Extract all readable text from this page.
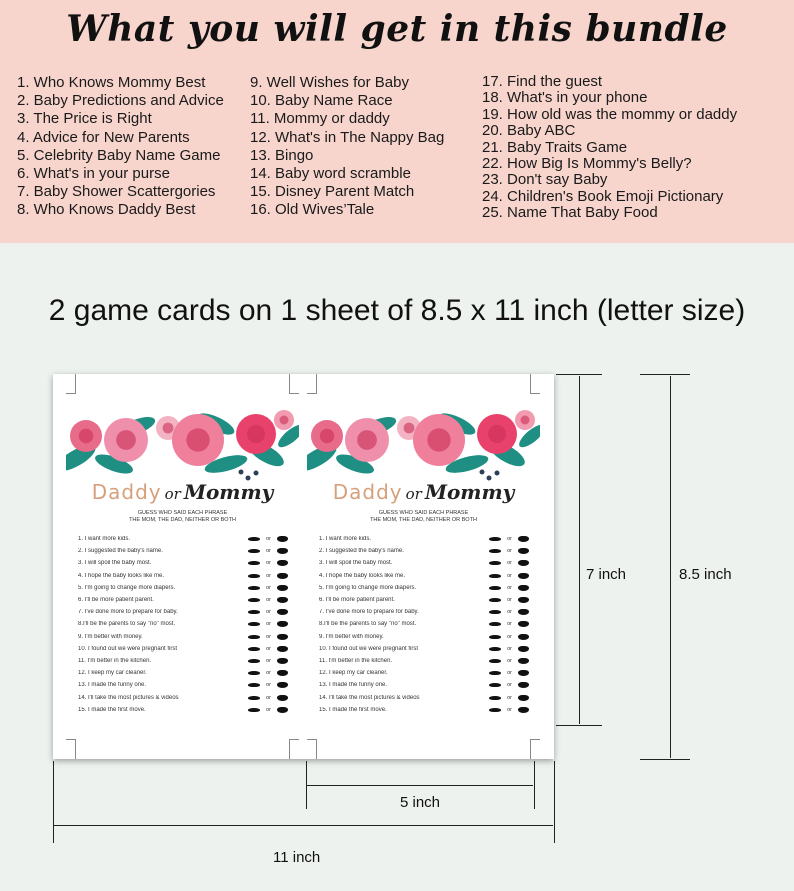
What you will get in this bundle
1. Who Knows Mommy Best
2. Baby Predictions and Advice
3. The Price is Right
4. Advice for New Parents
5. Celebrity Baby Name Game
6. What's in your purse
7. Baby Shower Scattergories
8. Who Knows Daddy Best
9. Well Wishes for Baby
10. Baby Name Race
11. Mommy or daddy
12. What's in The Nappy Bag
13. Bingo
14. Baby word scramble
15. Disney Parent Match
16. Old Wives’Tale
17. Find the guest
18. What's in your phone
19. How old was the mommy or daddy
20. Baby ABC
21. Baby Traits Game
22. How Big Is Mommy's Belly?
23. Don't say Baby
24. Children's Book Emoji Pictionary
25. Name That Baby Food
2 game cards on 1 sheet of 8.5 x 11 inch (letter size)
Daddy or Mommy
GUESS WHO SAID EACH PHRASE
THE MOM, THE DAD, NEITHER OR BOTH
1. I want more kids.	or
2. I suggested the baby's name.	or
3. I will spoil the baby most.	or
4. I hope the baby looks like me.	or
5. I'm going to change more diapers.	or
6. I'll be more patient parent.	or
7. I've done more to prepare for baby.	or
8.I'll be the parents to say "no" most.	or
9. I'm better with money.	or
10. I found out we were pregnant first	or
11. I'm better in the kitchen.	or
12. I keep my car cleaner.	or
13. I made the funny one.	or
14. I'll take the most pictures & videos	or
15. I made the first move.	or
Daddy or Mommy
GUESS WHO SAID EACH PHRASE
THE MOM, THE DAD, NEITHER OR BOTH
1. I want more kids.	or
2. I suggested the baby's name.	or
3. I will spoil the baby most.	or
4. I hope the baby looks like me.	or
5. I'm going to change more diapers.	or
6. I'll be more patient parent.	or
7. I've done more to prepare for baby.	or
8.I'll be the parents to say "no" most.	or
9. I'm better with money.	or
10. I found out we were pregnant first	or
11. I'm better in the kitchen.	or
12. I keep my car cleaner.	or
13. I made the funny one.	or
14. I'll take the most pictures & videos	or
15. I made the first move.	or
7 inch	8.5 inch
5 inch
11 inch
